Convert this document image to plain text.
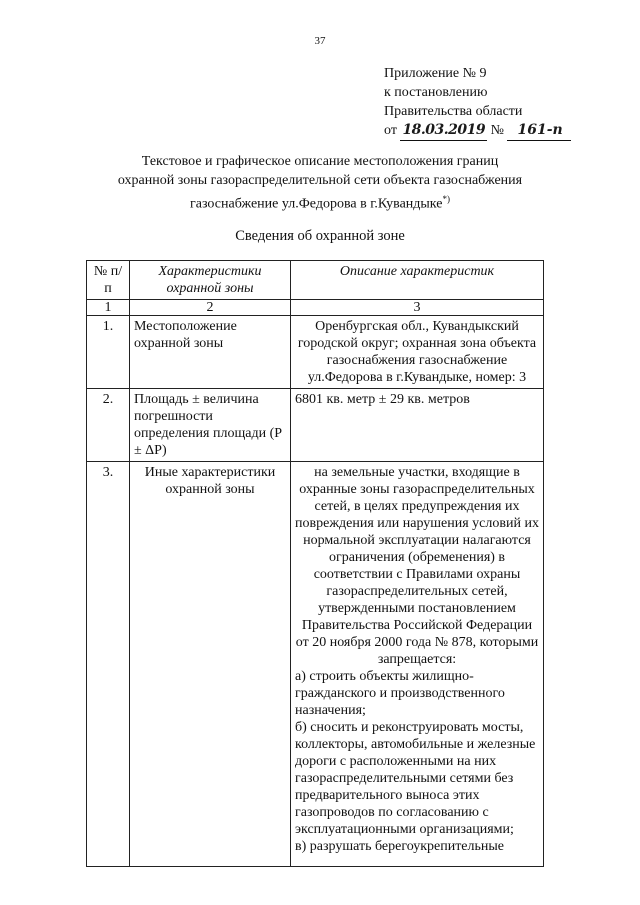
37
Приложение № 9
к постановлению
Правительства области
от 18.03.2019 № 161-п
Текстовое и графическое описание местоположения границ
охранной зоны газораспределительной сети объекта газоснабжения
газоснабжение ул.Федорова в г.Кувандыке*)
Сведения об охранной зоне
№ п/п	Характеристики охранной зоны	Описание характеристик
1	2	3
1.	Местоположение охранной зоны	Оренбургская обл., Кувандыкский городской округ; охранная зона объекта газоснабжения газоснабжение ул.Федорова в г.Кувандыке, номер: 3
2.	Площадь ± величина погрешности определения площади (P ± ΔP)	6801 кв. метр ± 29 кв. метров
3.	Иные характеристики охранной зоны	на земельные участки, входящие в охранные зоны газораспределительных сетей, в целях предупреждения их повреждения или нарушения условий их нормальной эксплуатации налагаются ограничения (обременения) в соответствии с Правилами охраны газораспределительных сетей, утвержденными постановлением Правительства Российской Федерации от 20 ноября 2000 года № 878, которыми запрещается:
а) строить объекты жилищно-гражданского и производственного назначения;
б) сносить и реконструировать мосты, коллекторы, автомобильные и железные дороги с расположенными на них газораспределительными сетями без предварительного выноса этих газопроводов по согласованию с эксплуатационными организациями;
в) разрушать берегоукрепительные
